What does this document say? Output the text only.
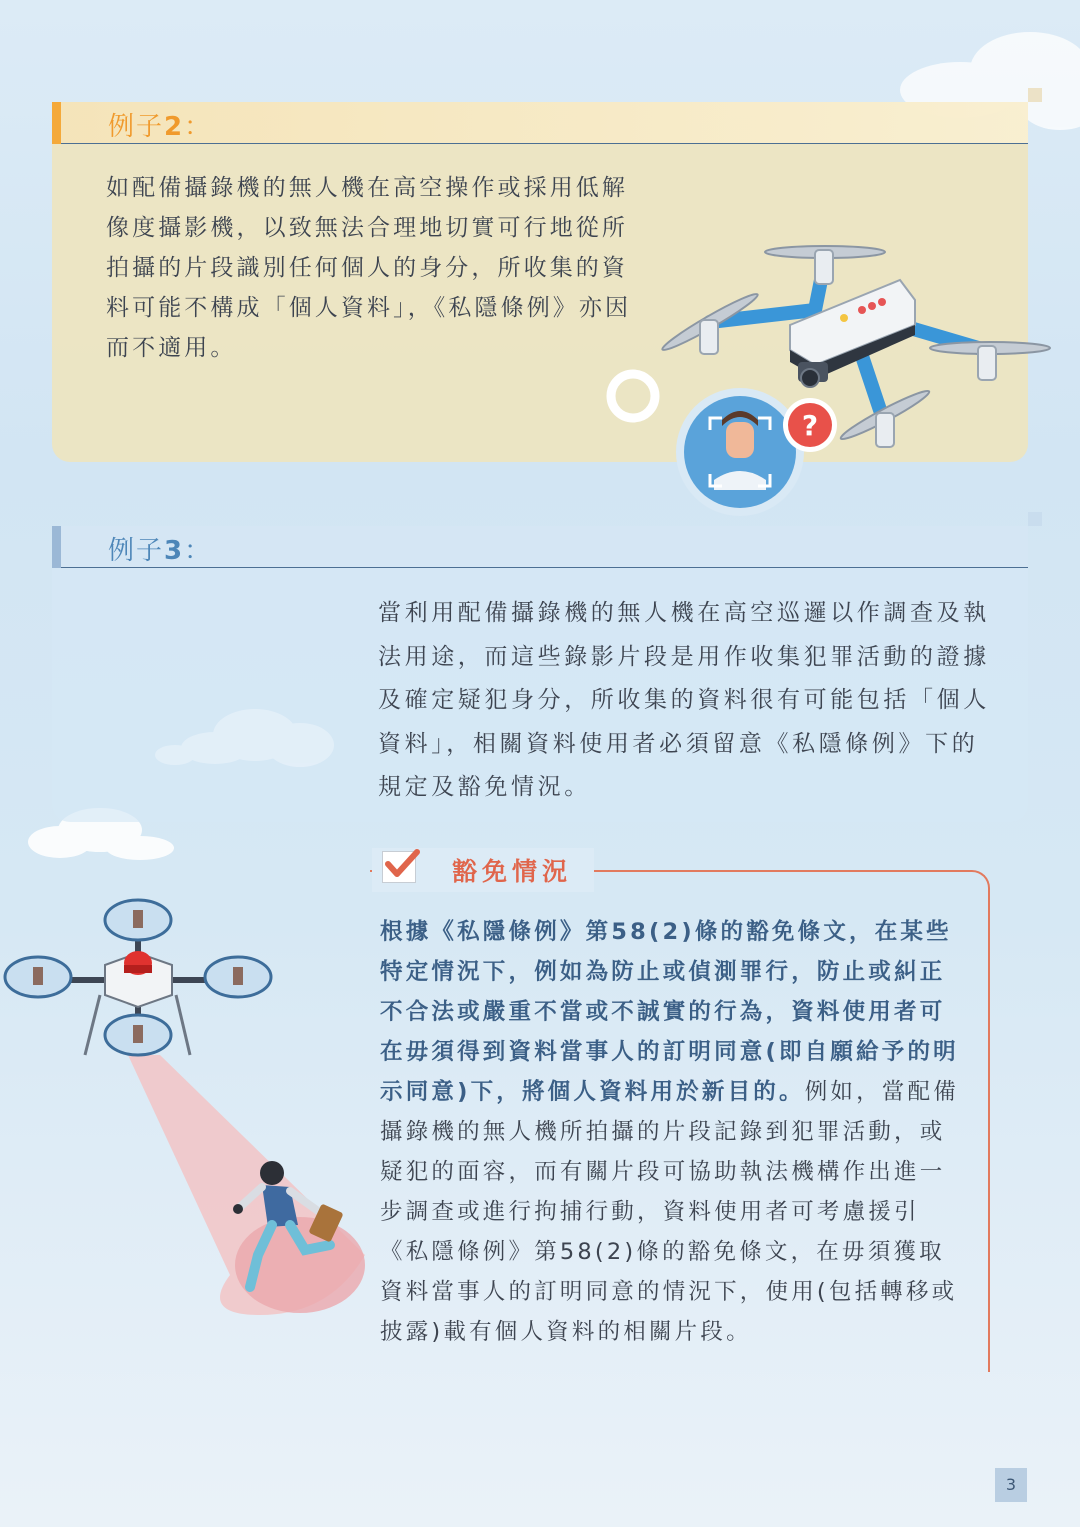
例子2：
如配備攝錄機的無人機在高空操作或採用低解像度攝影機，以致無法合理地切實可行地從所拍攝的片段識別任何個人的身分，所收集的資料可能不構成「個人資料」，《私隱條例》亦因而不適用。
?
例子3：
當利用配備攝錄機的無人機在高空巡邏以作調查及執法用途，而這些錄影片段是用作收集犯罪活動的證據及確定疑犯身分，所收集的資料很有可能包括「個人資料」，相關資料使用者必須留意《私隱條例》下的規定及豁免情況。
豁免情況
根據《私隱條例》第58(2)條的豁免條文，在某些特定情況下，例如為防止或偵測罪行，防止或糾正不合法或嚴重不當或不誠實的行為，資料使用者可在毋須得到資料當事人的訂明同意(即自願給予的明示同意)下，將個人資料用於新目的。例如，當配備攝錄機的無人機所拍攝的片段記錄到犯罪活動，或疑犯的面容，而有關片段可協助執法機構作出進一步調查或進行拘捕行動，資料使用者可考慮援引《私隱條例》第58(2)條的豁免條文，在毋須獲取資料當事人的訂明同意的情況下，使用(包括轉移或披露)載有個人資料的相關片段。
3
